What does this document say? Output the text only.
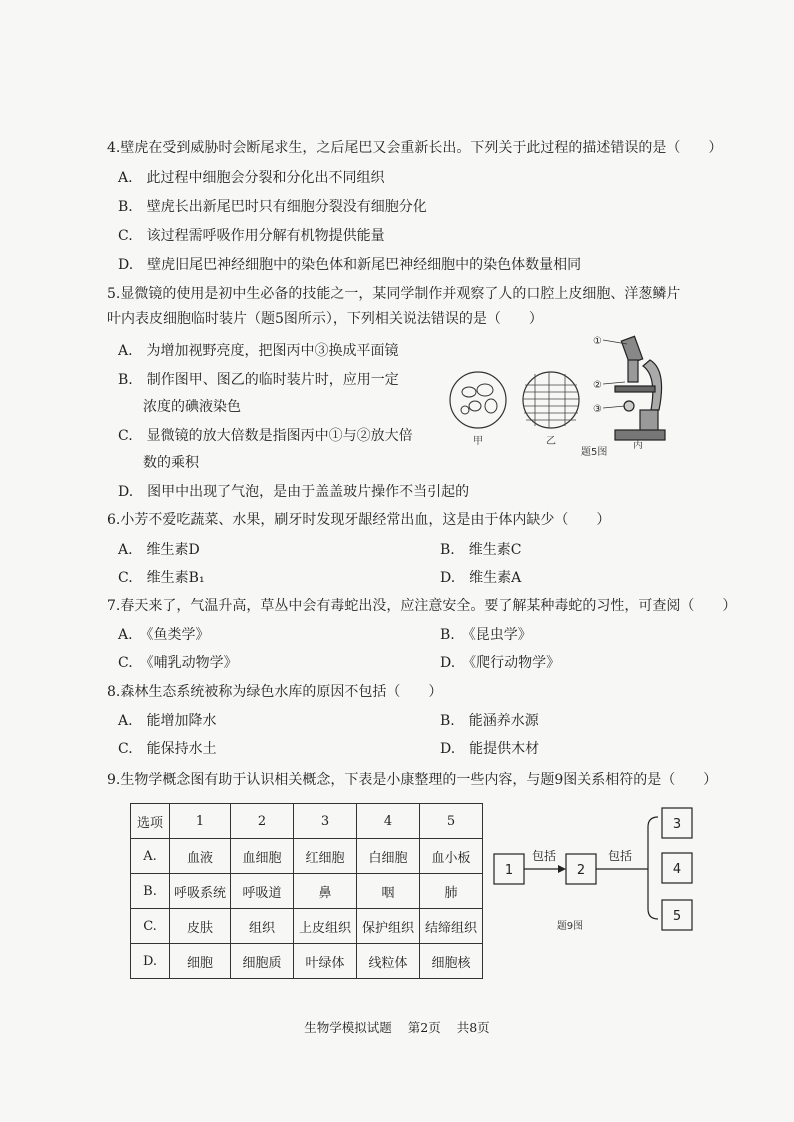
4.壁虎在受到威胁时会断尾求生，之后尾巴又会重新长出。下列关于此过程的描述错误的是（　　）
A.　此过程中细胞会分裂和分化出不同组织
B.　壁虎长出新尾巴时只有细胞分裂没有细胞分化
C.　该过程需呼吸作用分解有机物提供能量
D.　壁虎旧尾巴神经细胞中的染色体和新尾巴神经细胞中的染色体数量相同
5.显微镜的使用是初中生必备的技能之一，某同学制作并观察了人的口腔上皮细胞、洋葱鳞片
叶内表皮细胞临时装片（题5图所示），下列相关说法错误的是（　　）
A.　为增加视野亮度，把图丙中③换成平面镜
B.　制作图甲、图乙的临时装片时，应用一定
浓度的碘液染色
C.　显微镜的放大倍数是指图丙中①与②放大倍
数的乘积
D.　图甲中出现了气泡，是由于盖盖玻片操作不当引起的
①
②
③
甲	乙	丙
题5图
6.小芳不爱吃蔬菜、水果，刷牙时发现牙龈经常出血，这是由于体内缺少（　　）
A.　维生素D	B.　维生素C
C.　维生素B₁	D.　维生素A
7.春天来了，气温升高，草丛中会有毒蛇出没，应注意安全。要了解某种毒蛇的习性，可查阅（　　）
A.　《鱼类学》	B.　《昆虫学》
C.　《哺乳动物学》	D.　《爬行动物学》
8.森林生态系统被称为绿色水库的原因不包括（　　）
A.　能增加降水	B.　能涵养水源
C.　能保持水土	D.　能提供木材
9.生物学概念图有助于认识相关概念，下表是小康整理的一些内容，与题9图关系相符的是（　　）
选项	1	2	3	4	5
A.	血液	血细胞	红细胞	白细胞	血小板
B.	呼吸系统	呼吸道	鼻	咽	肺
C.	皮肤	组织	上皮组织	保护组织	结缔组织
D.	细胞	细胞质	叶绿体	线粒体	细胞核
1	2
3
4
5
包括	包括
题9图
生物学模拟试题 第2页 共8页
